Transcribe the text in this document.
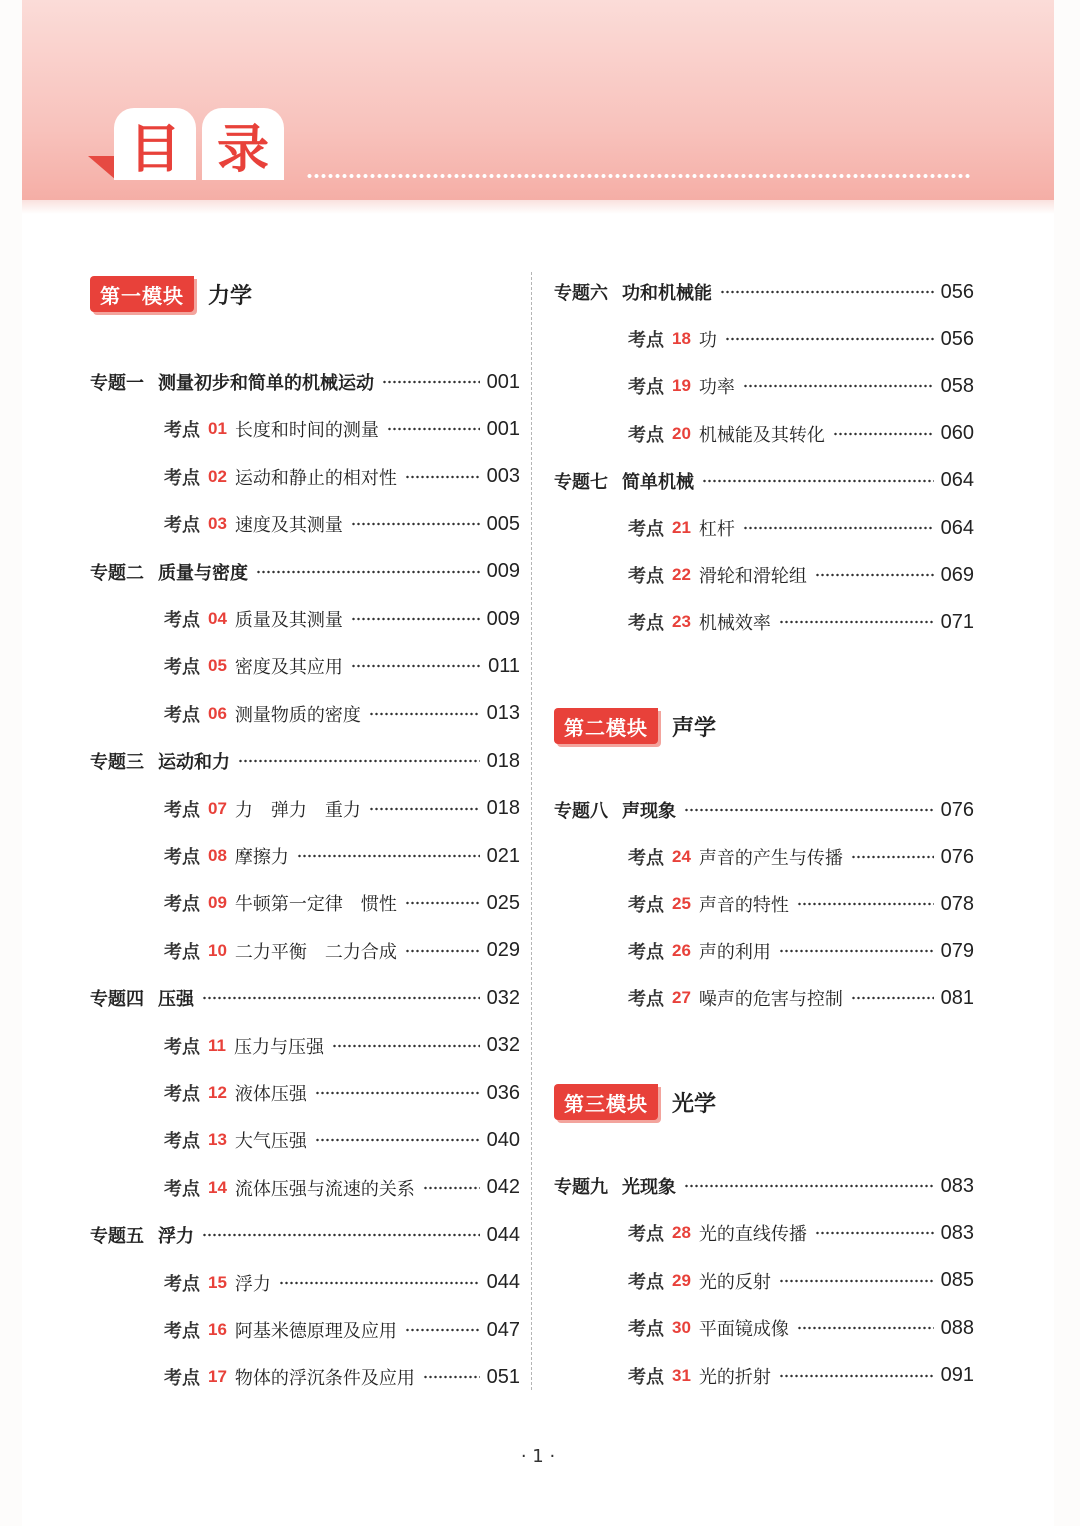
目 录
第一模块	力学
专题一 测量初步和简单的机械运动	001
考点 01 长度和时间的测量	001
考点 02 运动和静止的相对性	003
考点 03 速度及其测量	005
专题二 质量与密度	009
考点 04 质量及其测量	009
考点 05 密度及其应用	011
考点 06 测量物质的密度	013
专题三 运动和力	018
考点 07 力　弹力　重力	018
考点 08 摩擦力	021
考点 09 牛顿第一定律　惯性	025
考点 10 二力平衡　二力合成	029
专题四 压强	032
考点 11 压力与压强	032
考点 12 液体压强	036
考点 13 大气压强	040
考点 14 流体压强与流速的关系	042
专题五 浮力	044
考点 15 浮力	044
考点 16 阿基米德原理及应用	047
考点 17 物体的浮沉条件及应用	051
专题六 功和机械能	056
考点 18 功	056
考点 19 功率	058
考点 20 机械能及其转化	060
专题七 简单机械	064
考点 21 杠杆	064
考点 22 滑轮和滑轮组	069
考点 23 机械效率	071
第二模块	声学
专题八 声现象	076
考点 24 声音的产生与传播	076
考点 25 声音的特性	078
考点 26 声的利用	079
考点 27 噪声的危害与控制	081
第三模块	光学
专题九 光现象	083
考点 28 光的直线传播	083
考点 29 光的反射	085
考点 30 平面镜成像	088
考点 31 光的折射	091
· 1 ·
